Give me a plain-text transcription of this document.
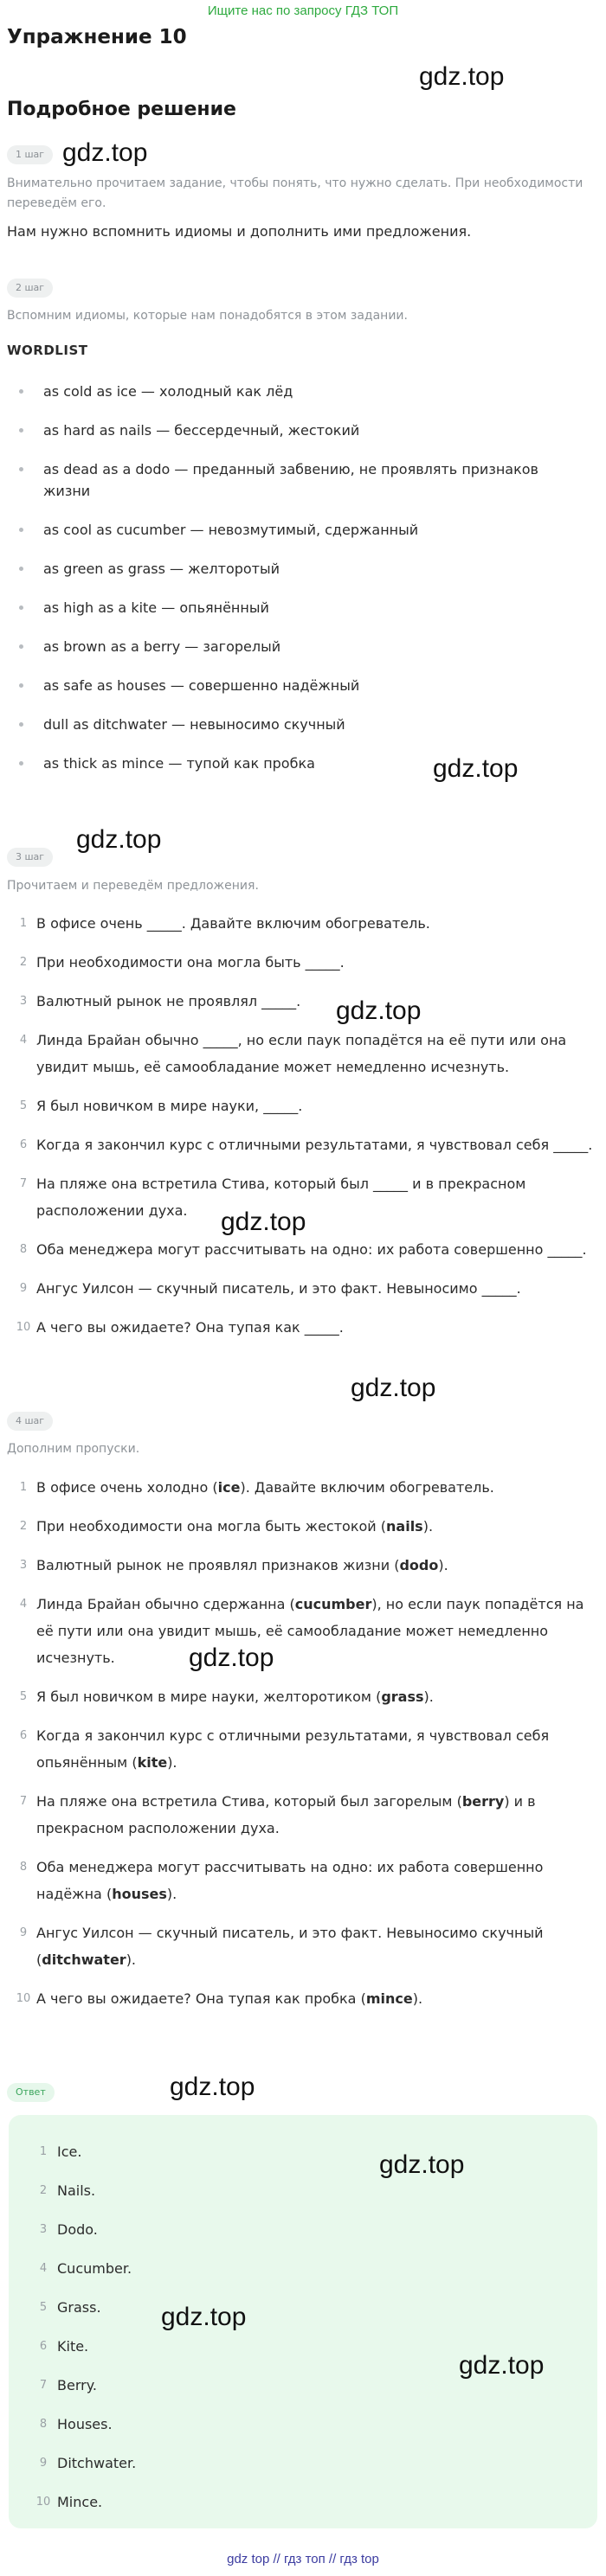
Ищите нас по запросу ГДЗ ТОП
Упражнение 10
gdz.top
Подробное решение
1 шаг gdz.top
Внимательно прочитаем задание, чтобы понять, что нужно сделать. При необходимости переведём его.
Нам нужно вспомнить идиомы и дополнить ими предложения.
2 шаг
Вспомним идиомы, которые нам понадобятся в этом задании.
WORDLIST
as cold as ice — холодный как лёд
as hard as nails — бессердечный, жестокий
as dead as a dodo — преданный забвению, не проявлять признаков жизни
as cool as cucumber — невозмутимый, сдержанный
as green as grass — желторотый
as high as a kite — опьянённый
as brown as a berry — загорелый
as safe as houses — совершенно надёжный
dull as ditchwater — невыносимо скучный
as thick as mince — тупой как пробка	gdz.top
gdz.top
3 шаг
Прочитаем и переведём предложения.
1 В офисе очень _____. Давайте включим обогреватель.
2 При необходимости она могла быть _____.
3 Валютный рынок не проявлял _____.
4 Линда Брайан обычно _____, но если паук попадётся на её пути или она увидит мышь, её самообладание может немедленно исчезнуть.
5 Я был новичком в мире науки, _____.
6 Когда я закончил курс с отличными результатами, я чувствовал себя _____.
7 На пляже она встретила Стива, который был _____ и в прекрасном расположении духа.
8 Оба менеджера могут рассчитывать на одно: их работа совершенно _____.
9 Ангус Уилсон — скучный писатель, и это факт. Невыносимо _____.
10 А чего вы ожидаете? Она тупая как _____.
gdz.top
gdz.top
gdz.top
4 шаг
Дополним пропуски.
1 В офисе очень холодно (ice). Давайте включим обогреватель.
2 При необходимости она могла быть жестокой (nails).
3 Валютный рынок не проявлял признаков жизни (dodo).
4 Линда Брайан обычно сдержанна (cucumber), но если паук попадётся на её пути или она увидит мышь, её самообладание может немедленно исчезнуть.
5 Я был новичком в мире науки, желторотиком (grass).
6 Когда я закончил курс с отличными результатами, я чувствовал себя опьянённым (kite).
7 На пляже она встретила Стива, который был загорелым (berry) и в прекрасном расположении духа.
8 Оба менеджера могут рассчитывать на одно: их работа совершенно надёжна (houses).
9 Ангус Уилсон — скучный писатель, и это факт. Невыносимо скучный (ditchwater).
10 А чего вы ожидаете? Она тупая как пробка (mince).
gdz.top
Ответ	gdz.top
1 Ice.
2 Nails.
3 Dodo.
4 Cucumber.
5 Grass.
6 Kite.
7 Berry.
8 Houses.
9 Ditchwater.
10 Mince.
gdz.top
gdz.top
gdz.top
gdz top // гдз топ // гдз top
